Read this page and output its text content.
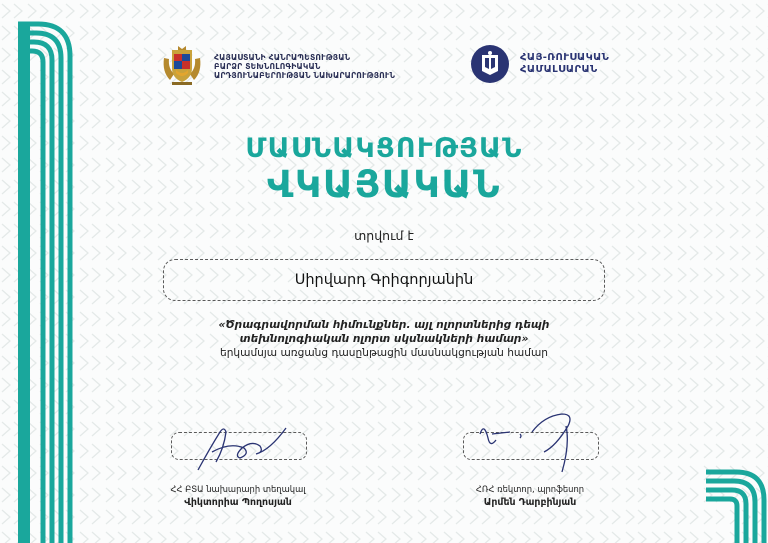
ՀԱՅԱՍՏԱՆԻ ՀԱՆՐԱՊԵՏՈՒԹՅԱՆ
ԲԱՐՁՐ ՏԵԽՆՈԼՈԳԻԱԿԱՆ
ԱՐԴՅՈՒՆԱԲԵՐՈՒԹՅԱՆ ՆԱԽԱՐԱՐՈՒԹՅՈՒՆ
ՀԱՅ-ՌՈՒՍԱԿԱՆ
ՀԱՄԱԼՍԱՐԱՆ
ՄԱՍՆԱԿՑՈՒԹՅԱՆ
ՎԿԱՅԱԿԱՆ
տրվում է
Սիրվարդ Գրիգորյանին
«Ծրագրավորման հիմունքներ. այլ ոլորտներից դեպի
տեխնոլոգիական ոլորտ սկսնակների համար»
երկամսյա առցանց դասընթացին մասնակցության համար
ՀՀ ԲՏԱ նախարարի տեղակալ
Վիկտորիա Պողոսյան
ՀՌՀ ռեկտոր, պրոֆեսոր
Արմեն Դարբինյան
